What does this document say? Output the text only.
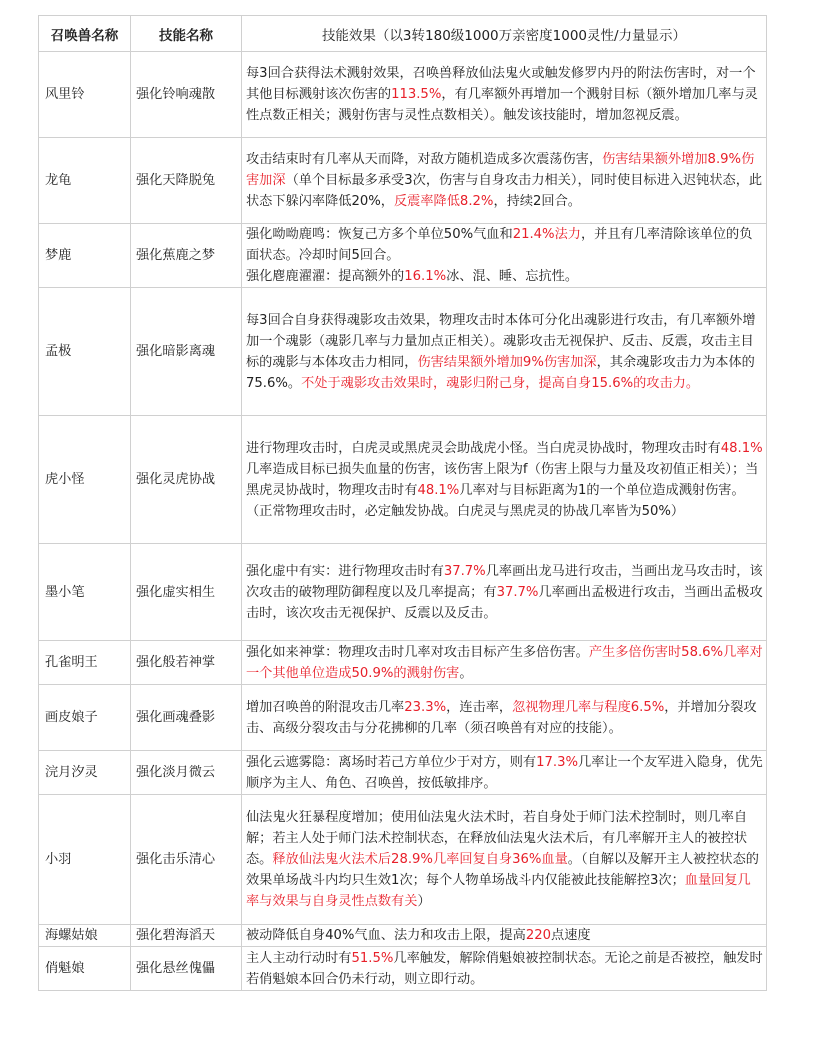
召唤兽名称	技能名称	技能效果（以3转180级1000万亲密度1000灵性/力量显示）
风里铃	强化铃响魂散	每3回合获得法术溅射效果，召唤兽释放仙法鬼火或触发修罗内丹的附法伤害时，对一个其他目标溅射该次伤害的113.5%，有几率额外再增加一个溅射目标（额外增加几率与灵性点数正相关；溅射伤害与灵性点数相关）。触发该技能时，增加忽视反震。
龙龟	强化天降脱兔	攻击结束时有几率从天而降，对敌方随机造成多次震荡伤害，伤害结果额外增加8.9%伤害加深（单个目标最多承受3次，伤害与自身攻击力相关），同时使目标进入迟钝状态，此状态下躲闪率降低20%，反震率降低8.2%，持续2回合。
梦鹿	强化蕉鹿之梦	强化呦呦鹿鸣：恢复己方多个单位50%气血和21.4%法力，并且有几率清除该单位的负面状态。冷却时间5回合。
强化麀鹿濯濯：提高额外的16.1%冰、混、睡、忘抗性。
孟极	强化暗影离魂	每3回合自身获得魂影攻击效果，物理攻击时本体可分化出魂影进行攻击，有几率额外增加一个魂影（魂影几率与力量加点正相关）。魂影攻击无视保护、反击、反震，攻击主目标的魂影与本体攻击力相同，伤害结果额外增加9%伤害加深，其余魂影攻击力为本体的75.6%。不处于魂影攻击效果时，魂影归附己身，提高自身15.6%的攻击力。
虎小怪	强化灵虎协战	进行物理攻击时，白虎灵或黑虎灵会助战虎小怪。当白虎灵协战时，物理攻击时有48.1%几率造成目标已损失血量的伤害，该伤害上限为f（伤害上限与力量及攻初值正相关）；当黑虎灵协战时，物理攻击时有48.1%几率对与目标距离为1的一个单位造成溅射伤害。（正常物理攻击时，必定触发协战。白虎灵与黑虎灵的协战几率皆为50%）
墨小笔	强化虚实相生	强化虚中有实：进行物理攻击时有37.7%几率画出龙马进行攻击，当画出龙马攻击时，该次攻击的破物理防御程度以及几率提高；有37.7%几率画出孟极进行攻击，当画出孟极攻击时，该次攻击无视保护、反震以及反击。
孔雀明王	强化般若神掌	强化如来神掌：物理攻击时几率对攻击目标产生多倍伤害。产生多倍伤害时58.6%几率对一个其他单位造成50.9%的溅射伤害。
画皮娘子	强化画魂叠影	增加召唤兽的附混攻击几率23.3%，连击率，忽视物理几率与程度6.5%，并增加分裂攻击、高级分裂攻击与分花拂柳的几率（须召唤兽有对应的技能）。
浣月汐灵	强化淡月微云	强化云遮雾隐：离场时若己方单位少于对方，则有17.3%几率让一个友军进入隐身，优先顺序为主人、角色、召唤兽，按低敏排序。
小羽	强化击乐清心	仙法鬼火狂暴程度增加；使用仙法鬼火法术时，若自身处于师门法术控制时，则几率自解；若主人处于师门法术控制状态，在释放仙法鬼火法术后，有几率解开主人的被控状态。释放仙法鬼火法术后28.9%几率回复自身36%血量。（自解以及解开主人被控状态的效果单场战斗内均只生效1次；每个人物单场战斗内仅能被此技能解控3次；血量回复几率与效果与自身灵性点数有关）
海螺姑娘	强化碧海滔天	被动降低自身40%气血、法力和攻击上限，提高220点速度
俏魁娘	强化悬丝傀儡	主人主动行动时有51.5%几率触发，解除俏魁娘被控制状态。无论之前是否被控，触发时若俏魁娘本回合仍未行动，则立即行动。
